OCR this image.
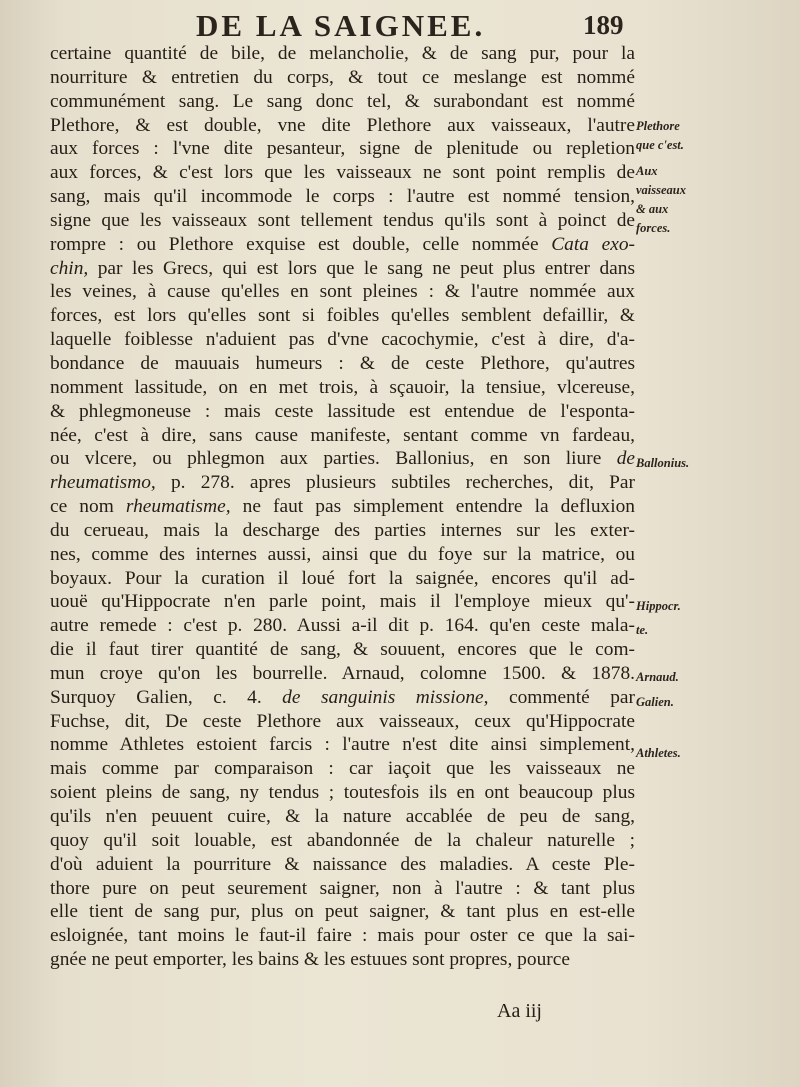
DE LA SAIGNEE.	189
certaine quantité de bile, de melancholie, & de sang pur, pour la
nourriture & entretien du corps, & tout ce meslange est nommé
communément sang. Le sang donc tel, & surabondant est nommé
Plethore, & est double, vne dite Plethore aux vaisseaux, l'autre
aux forces : l'vne dite pesanteur, signe de plenitude ou repletion
aux forces, & c'est lors que les vaisseaux ne sont point remplis de
sang, mais qu'il incommode le corps : l'autre est nommé tension,
signe que les vaisseaux sont tellement tendus qu'ils sont à poinct de
rompre : ou Plethore exquise est double, celle nommée Cata exo-
chin, par les Grecs, qui est lors que le sang ne peut plus entrer dans
les veines, à cause qu'elles en sont pleines : & l'autre nommée aux
forces, est lors qu'elles sont si foibles qu'elles semblent defaillir, &
laquelle foiblesse n'aduient pas d'vne cacochymie, c'est à dire, d'a-
bondance de mauuais humeurs : & de ceste Plethore, qu'autres
nomment lassitude, on en met trois, à sçauoir, la tensiue, vlcereuse,
& phlegmoneuse : mais ceste lassitude est entendue de l'esponta-
née, c'est à dire, sans cause manifeste, sentant comme vn fardeau,
ou vlcere, ou phlegmon aux parties. Ballonius, en son liure de
rheumatismo, p. 278. apres plusieurs subtiles recherches, dit, Par
ce nom rheumatisme, ne faut pas simplement entendre la defluxion
du cerueau, mais la descharge des parties internes sur les exter-
nes, comme des internes aussi, ainsi que du foye sur la matrice, ou
boyaux. Pour la curation il loué fort la saignée, encores qu'il ad-
uouë qu'Hippocrate n'en parle point, mais il l'employe mieux qu'-
autre remede : c'est p. 280. Aussi a-il dit p. 164. qu'en ceste mala-
die il faut tirer quantité de sang, & souuent, encores que le com-
mun croye qu'on les bourrelle. Arnaud, colomne 1500. & 1878.
Surquoy Galien, c. 4. de sanguinis missione, commenté par
Fuchse, dit, De ceste Plethore aux vaisseaux, ceux qu'Hippocrate
nomme Athletes estoient farcis : l'autre n'est dite ainsi simplement,
mais comme par comparaison : car iaçoit que les vaisseaux ne
soient pleins de sang, ny tendus ; toutesfois ils en ont beaucoup plus
qu'ils n'en peuuent cuire, & la nature accablée de peu de sang,
quoy qu'il soit louable, est abandonnée de la chaleur naturelle ;
d'où aduient la pourriture & naissance des maladies. A ceste Ple-
thore pure on peut seurement saigner, non à l'autre : & tant plus
elle tient de sang pur, plus on peut saigner, & tant plus en est-elle
esloignée, tant moins le faut-il faire : mais pour oster ce que la sai-
gnée ne peut emporter, les bains & les estuues sont propres, pource
Plethore
que c'est.
Aux
vaisseaux
& aux
forces.
Ballonius.
Hippocr.
te.
Arnaud.
Galien.
Athletes.
Aa iij
